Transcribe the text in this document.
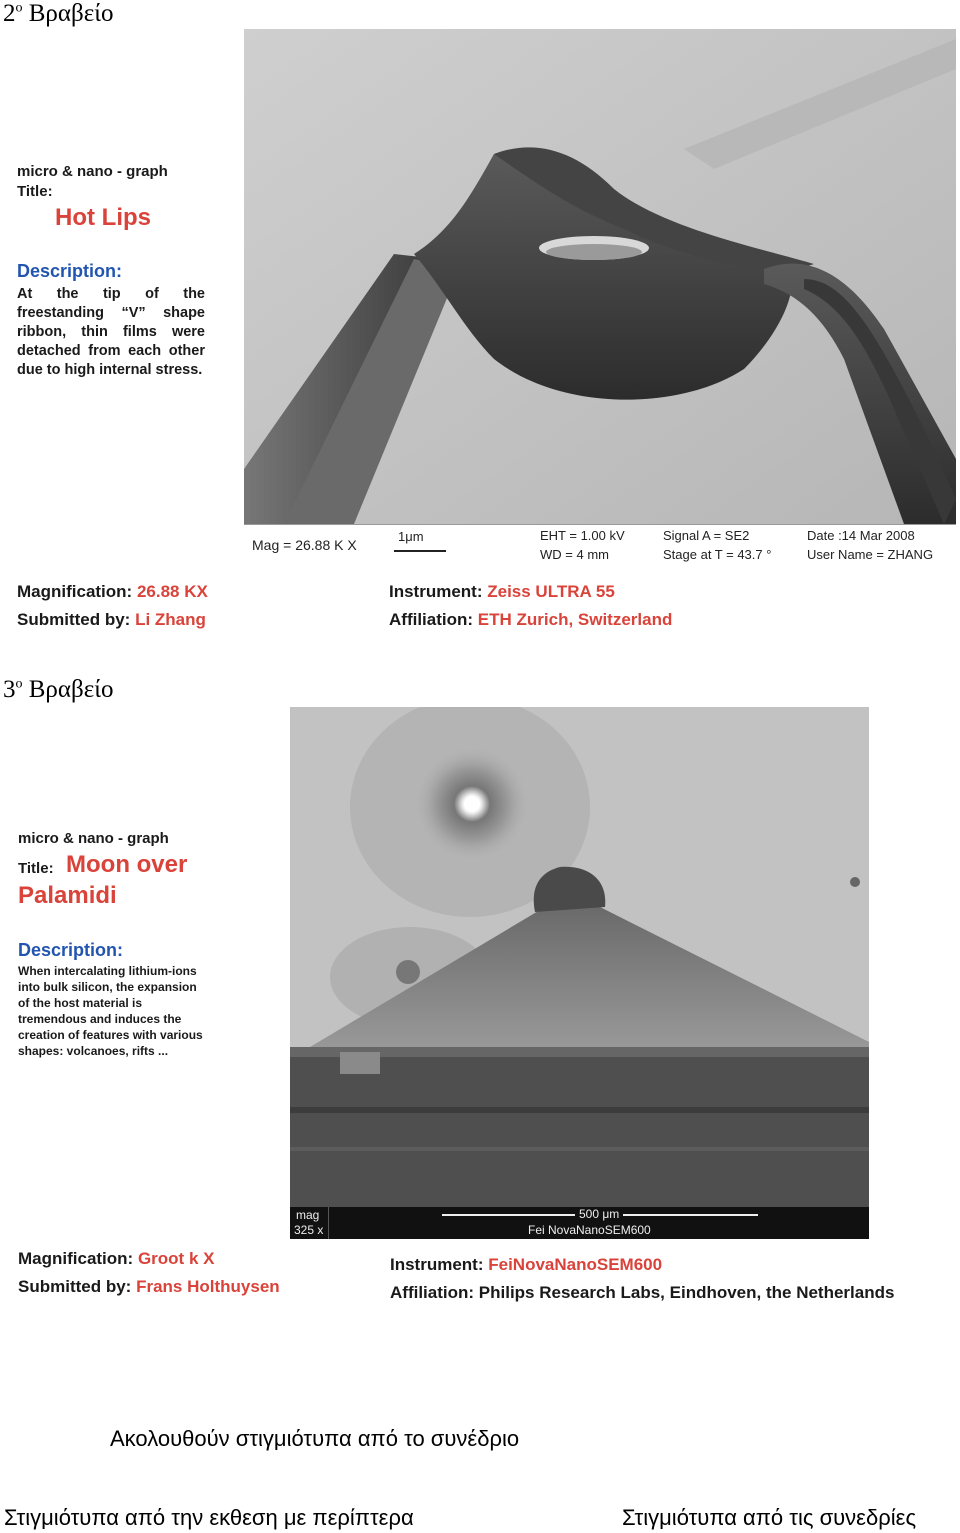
$2^o$ Βραβείο
micro & nano - graph
Title:
Hot Lips
Description:
At the tip of the freestanding “V” shape ribbon, thin films were detached from each other due to high internal stress.
Mag = 26.88 K X
1μm	EHT = 1.00 kV
WD = 4 mm
Signal A = SE2
Stage at T = 43.7 °
Date :14 Mar 2008
User Name = ZHANG
Magnification: 26.88 KX
Submitted by: Li Zhang
Instrument: Zeiss ULTRA 55
Affiliation: ETH Zurich, Switzerland
$3^o$ Βραβείο
micro & nano - graph
Title: Moon over
Palamidi
Description:
When intercalating lithium-ions into bulk silicon, the expansion of the host material is tremendous and induces the creation of features with various shapes: volcanoes, rifts ...
mag
325 x
500 μm
Fei NovaNanoSEM600
Magnification: Groot k X
Submitted by: Frans Holthuysen
Instrument: FeiNovaNanoSEM600
Affiliation: Philips Research Labs, Eindhoven, the Netherlands
Ακολουθούν στιγμιότυπα από το συνέδριο
Στιγμιότυπα από την εκθεση με περίπτερα	Στιγμιότυπα από τις συνεδρίες
